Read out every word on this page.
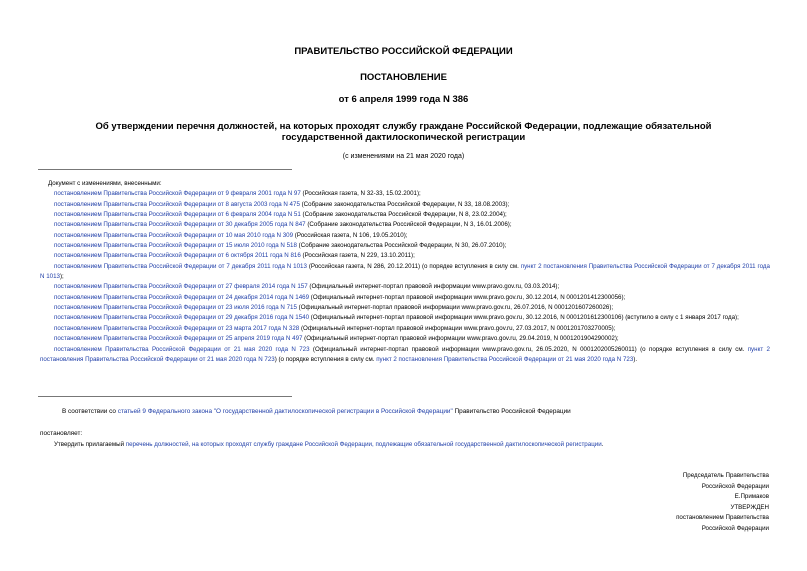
ПРАВИТЕЛЬСТВО РОССИЙСКОЙ ФЕДЕРАЦИИ
ПОСТАНОВЛЕНИЕ
от 6 апреля 1999 года N 386
Об утверждении перечня должностей, на которых проходят службу граждане Российской Федерации, подлежащие обязательной государственной дактилоскопической регистрации
(с изменениями на 21 мая 2020 года)
Документ с изменениями, внесенными:
постановлением Правительства Российской Федерации от 9 февраля 2001 года N 97 (Российская газета, N 32-33, 15.02.2001);
постановлением Правительства Российской Федерации от 8 августа 2003 года N 475 (Собрание законодательства Российской Федерации, N 33, 18.08.2003);
постановлением Правительства Российской Федерации от 6 февраля 2004 года N 51 (Собрание законодательства Российской Федерации, N 8, 23.02.2004);
постановлением Правительства Российской Федерации от 30 декабря 2005 года N 847 (Собрание законодательства Российской Федерации, N 3, 16.01.2006);
постановлением Правительства Российской Федерации от 10 мая 2010 года N 309 (Российская газета, N 106, 19.05.2010);
постановлением Правительства Российской Федерации от 15 июля 2010 года N 518 (Собрание законодательства Российской Федерации, N 30, 26.07.2010);
постановлением Правительства Российской Федерации от 6 октября 2011 года N 816 (Российская газета, N 229, 13.10.2011);
постановлением Правительства Российской Федерации от 7 декабря 2011 года N 1013 (Российская газета, N 286, 20.12.2011) (о порядке вступления в силу см. пункт 2 постановления Правительства Российской Федерации от 7 декабря 2011 года N 1013);
постановлением Правительства Российской Федерации от 27 февраля 2014 года N 157 (Официальный интернет-портал правовой информации www.pravo.gov.ru, 03.03.2014);
постановлением Правительства Российской Федерации от 24 декабря 2014 года N 1469 (Официальный интернет-портал правовой информации www.pravo.gov.ru, 30.12.2014, N 0001201412300056);
постановлением Правительства Российской Федерации от 23 июля 2016 года N 715 (Официальный интернет-портал правовой информации www.pravo.gov.ru, 26.07.2016, N 0001201607260026);
постановлением Правительства Российской Федерации от 29 декабря 2016 года N 1540 (Официальный интернет-портал правовой информации www.pravo.gov.ru, 30.12.2016, N 0001201612300106) (вступило в силу с 1 января 2017 года);
постановлением Правительства Российской Федерации от 23 марта 2017 года N 328 (Официальный интернет-портал правовой информации www.pravo.gov.ru, 27.03.2017, N 0001201703270005);
постановлением Правительства Российской Федерации от 25 апреля 2019 года N 497 (Официальный интернет-портал правовой информации www.pravo.gov.ru, 29.04.2019, N 0001201904290002);
постановлением Правительства Российской Федерации от 21 мая 2020 года N 723 (Официальный интернет-портал правовой информации www.pravo.gov.ru, 26.05.2020, N 0001202005260011) (о порядке вступления в силу см. пункт 2 постановления Правительства Российской Федерации от 21 мая 2020 года N 723) (о порядке вступления в силу см. пункт 2 постановления Правительства Российской Федерации от 21 мая 2020 года N 723).
В соответствии со статьей 9 Федерального закона "О государственной дактилоскопической регистрации в Российской Федерации" Правительство Российской Федерации
постановляет:
Утвердить прилагаемый перечень должностей, на которых проходят службу граждане Российской Федерации, подлежащие обязательной государственной дактилоскопической регистрации.
Председатель Правительства
Российской Федерации
Е.Примаков
УТВЕРЖДЕН
постановлением Правительства
Российской Федерации
